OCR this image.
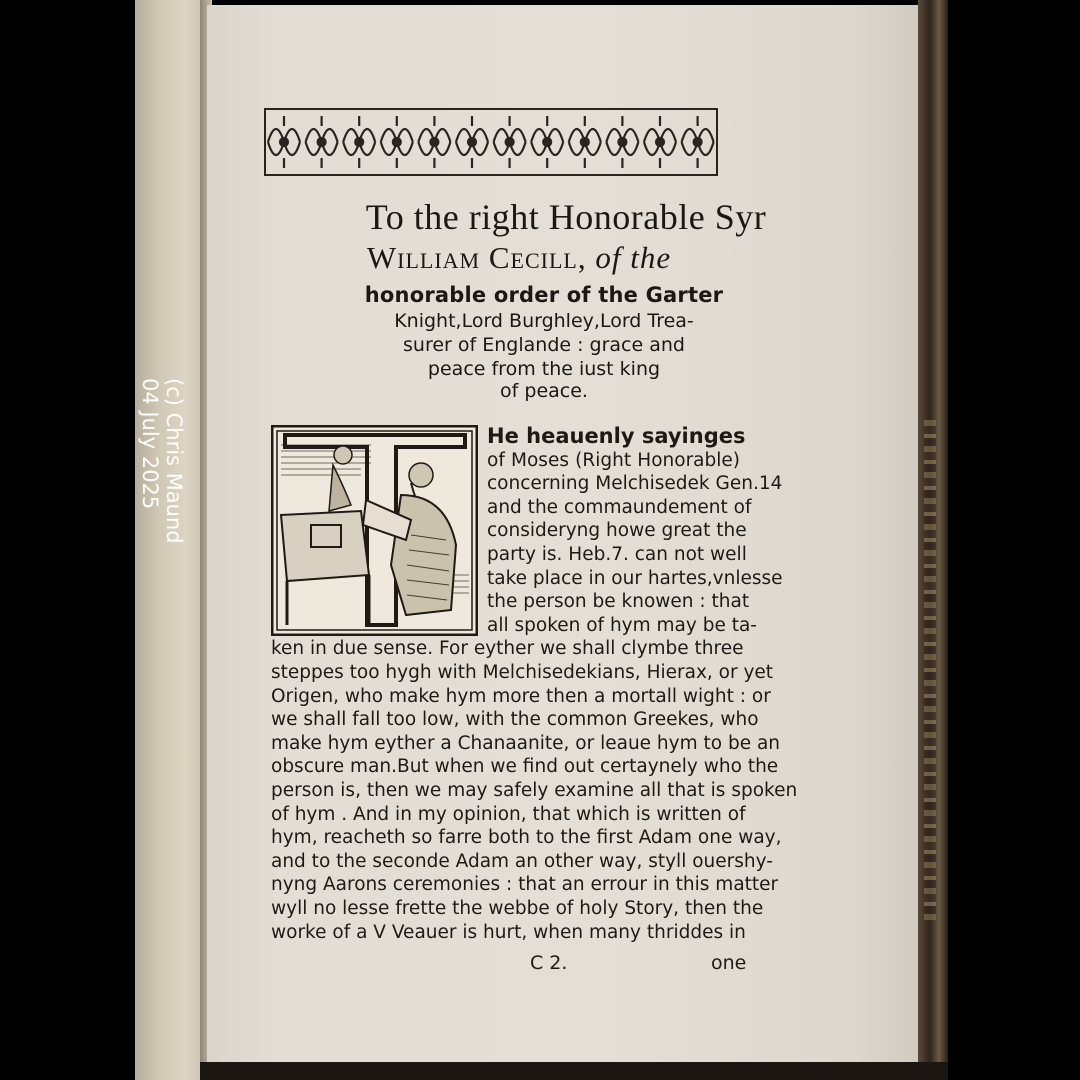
To the right Honorable Syr
William Cecill, of the
honorable order of the Garter
Knight,Lord Burghley,Lord Trea-
surer of Englande : grace and
peace from the iust king
of peace.
He heauenly sayinges
of Moses (Right Honorable)
concerning Melchisedek Gen.14
and the commaundement of
consideryng howe great the
party is. Heb.7. can not well
take place in our hartes,vnlesse
the person be knowen : that
all spoken of hym may be ta-
ken in due sense. For eyther we shall clymbe three
steppes too hygh with Melchisedekians, Hierax, or yet
Origen, who make hym more then a mortall wight : or
we shall fall too low, with the common Greekes, who
make hym eyther a Chanaanite, or leaue hym to be an
obscure man.But when we find out certaynely who the
person is, then we may safely examine all that is spoken
of hym . And in my opinion, that which is written of
hym, reacheth so farre both to the first Adam one way,
and to the seconde Adam an other way, styll ouershy-
nyng Aarons ceremonies : that an errour in this matter
wyll no lesse frette the webbe of holy Story, then the
worke of a V Veauer is hurt, when many thriddes in
C 2.	one
(c) Chris Maund
04 July 2025
